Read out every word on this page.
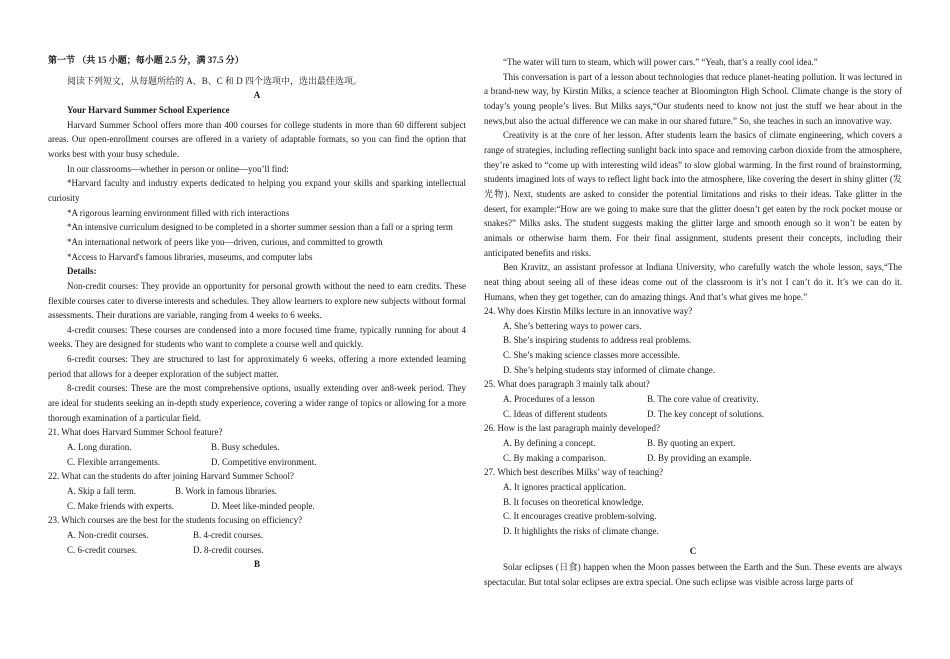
第一节 （共 15 小题；每小题 2.5 分，满 37.5 分）

阅读下列短文，从每题所给的 A、B、C 和 D 四个选项中，选出最佳选项。

A
Your Harvard Summer School Experience

Harvard Summer School offers more than 400 courses for college students in more than 60 different subject areas. Our open-enrollment courses are offered in a variety of adaptable formats, so you can find the option that works best with your busy schedule.

In our classrooms—whether in person or online—you’ll find:

*Harvard faculty and industry experts dedicated to helping you expand your skills and sparking intellectual curiosity

*A rigorous learning environment filled with rich interactions

*An intensive curriculum designed to be completed in a shorter summer session than a fall or a spring term

*An international network of peers like you—driven, curious, and committed to growth

*Access to Harvard's famous libraries, museums, and computer labs

Details:

Non-credit courses: They provide an opportunity for personal growth without the need to earn credits. These flexible courses cater to diverse interests and schedules. They allow learners to explore new subjects without formal assessments. Their durations are variable, ranging from 4 weeks to 6 weeks.

4-credit courses: These courses are condensed into a more focused time frame, typically running for about 4 weeks. They are designed for students who want to complete a course well and quickly.

6-credit courses: They are structured to last for approximately 6 weeks, offering a more extended learning period that allows for a deeper exploration of the subject matter.

8-credit courses: These are the most comprehensive options, usually extending over an8-week period. They are ideal for students seeking an in-depth study experience, covering a wider range of topics or allowing for a more thorough examination of a particular field.

21. What does Harvard Summer School feature?
A. Long duration.	B. Busy schedules.
C. Flexible arrangements.	D. Competitive environment.
22. What can the students do after joining Harvard Summer School?
A. Skip a fall term.	B. Work in famous libraries.
C. Make friends with experts.	D. Meet like-minded people.
23. Which courses are the best for the students focusing on efficiency?
A. Non-credit courses.	B. 4-credit courses.
C. 6-credit courses.	D. 8-credit courses.
B

“The water will turn to steam, which will power cars.” “Yeah, that’s a really cool idea.”

This conversation is part of a lesson about technologies that reduce planet-heating pollution. It was lectured in a brand-new way, by Kirstin Milks, a science teacher at Bloomington High School. Climate change is the story of today’s young people’s lives. But Milks says,“Our students need to know not just the stuff we hear about in the news,but also the actual difference we can make in our shared future.” So, she teaches in such an innovative way.

Creativity is at the core of her lesson. After students learn the basics of climate engineering, which covers a range of strategies, including reflecting sunlight back into space and removing carbon dioxide from the atmosphere, they’re asked to “come up with interesting wild ideas” to slow global warming. In the first round of brainstorming, students imagined lots of ways to reflect light back into the atmosphere, like covering the desert in shiny glitter (发光物). Next, students are asked to consider the potential limitations and risks to their ideas. Take glitter in the desert, for example:“How are we going to make sure that the glitter doesn’t get eaten by the rock pocket mouse or snakes?” Milks asks. The student suggests making the glitter large and smooth enough so it won’t be eaten by animals or otherwise harm them. For their final assignment, students present their concepts, including their anticipated benefits and risks.

Ben Kravitz, an assistant professor at Indiana University, who carefully watch the whole lesson, says,“The neat thing about seeing all of these ideas come out of the classroom is it’s not I can’t do it. It’s we can do it. Humans, when they get together, can do amazing things. And that’s what gives me hope.”

24. Why does Kirstin Milks lecture in an innovative way?
A. She’s bettering ways to power cars.
B. She’s inspiring students to address real problems.
C. She’s making science classes more accessible.
D. She’s helping students stay informed of climate change.
25. What does paragraph 3 mainly talk about?
A. Procedures of a lesson	B. The core value of creativity.
C. Ideas of different students	D. The key concept of solutions.
26. How is the last paragraph mainly developed?
A. By defining a concept.	B. By quoting an expert.
C. By making a comparison.	D. By providing an example.
27. Which best describes Milks’ way of teaching?
A. It ignores practical application.
B. It focuses on theoretical knowledge.
C. It encourages creative problem-solving.
D. It highlights the risks of climate change.
C

Solar eclipses (日食) happen when the Moon passes between the Earth and the Sun. These events are always spectacular. But total solar eclipses are extra special. One such eclipse was visible across large parts of
